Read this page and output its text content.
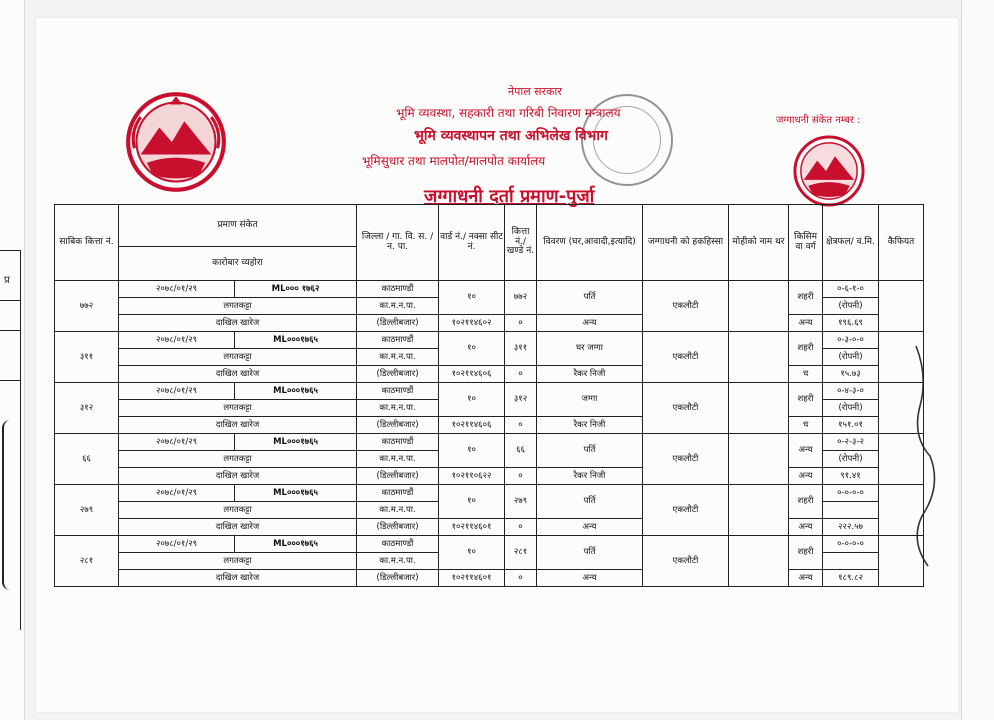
प्र
नेपाल सरकार
भूमि व्यवस्था, सहकारी तथा गरिबी निवारण मन्त्रालय
भूमि व्यवस्थापन तथा अभिलेख विभाग
भूमिसुधार तथा मालपोत/मालपोत कार्यालय
जग्गाधनी दर्ता प्रमाण-पुर्जा
जग्गाधनी संकेत नम्बर :
साबिक कित्ता नं.	प्रमाण संकेत		जिल्ला / गा. वि. स. / न. पा.	वार्ड नं./ नक्सा सीट नं.	कित्ता नं./ खण्डे नं.	विवरण (घर,आवादी,इत्यादि)	जग्गाधनी को हकहिस्सा	मोहीको नाम थर	किसिम वा वर्ग	क्षेत्रफल/ व.मि.	कैफियत
	कारोबार व्यहोरा										
७७२	२०७८/०१/२९	ML००० १७६२	काठमाण्डौं	१०	७७२	पर्ति	एकलौटी		शहरी	०-६-१-०	
	लगतकट्टा		का.म.न.पा.							(रोपनी)	
	दाखिल खारेज		(डिल्लीबजार)	१०२११४६०२	०	अन्य			अन्य	१९६.६९	
३११	२०७८/०१/२९	ML०००१७६५	काठमाण्डौं	१०	३११	घर जग्गा	एकलौटी		शहरी	०-३-०-०	
	लगतकट्टा		का.म.न.पा.							(रोपनी)	
	दाखिल खारेज		(डिल्लीबजार)	१०२११४६०६	०	रैकर निजी			च	१५.७३	
३१२	२०७८/०१/२९	ML०००१७६५	काठमाण्डौं	१०	३१२	जग्गा	एकलौटी		शहरी	०-४-३-०	
	लगतकट्टा		का.म.न.पा.							(रोपनी)	
	दाखिल खारेज		(डिल्लीबजार)	१०२११४६०६	०	रैकर निजी			च	१५१.०१	
६६	२०७८/०१/२९	ML०००१७६५	काठमाण्डौं	१०	६६	पर्ति	एकलौटी		अन्य	०-२-३-२	
	लगतकट्टा		का.म.न.पा.							(रोपनी)	
	दाखिल खारेज		(डिल्लीबजार)	१०२११०६२२	०	रैकर निजी			अन्य	९१.४१	
२७९	२०७८/०१/२९	ML०००१७६५	काठमाण्डौं	१०	२७९	पर्ति	एकलौटी		शहरी	०-०-०-०	
	लगतकट्टा		का.म.न.पा.								
	दाखिल खारेज		(डिल्लीबजार)	१०२११४६०१	०	अन्य			अन्य	२२२.५७	
२८१	२०७८/०१/२९	ML०००१७६५	काठमाण्डौं	१०	२८१	पर्ति	एकलौटी		शहरी	०-०-०-०	
	लगतकट्टा		का.म.न.पा.								
	दाखिल खारेज		(डिल्लीबजार)	१०२११४६०१	०	अन्य			अन्य	१८९.८२	
